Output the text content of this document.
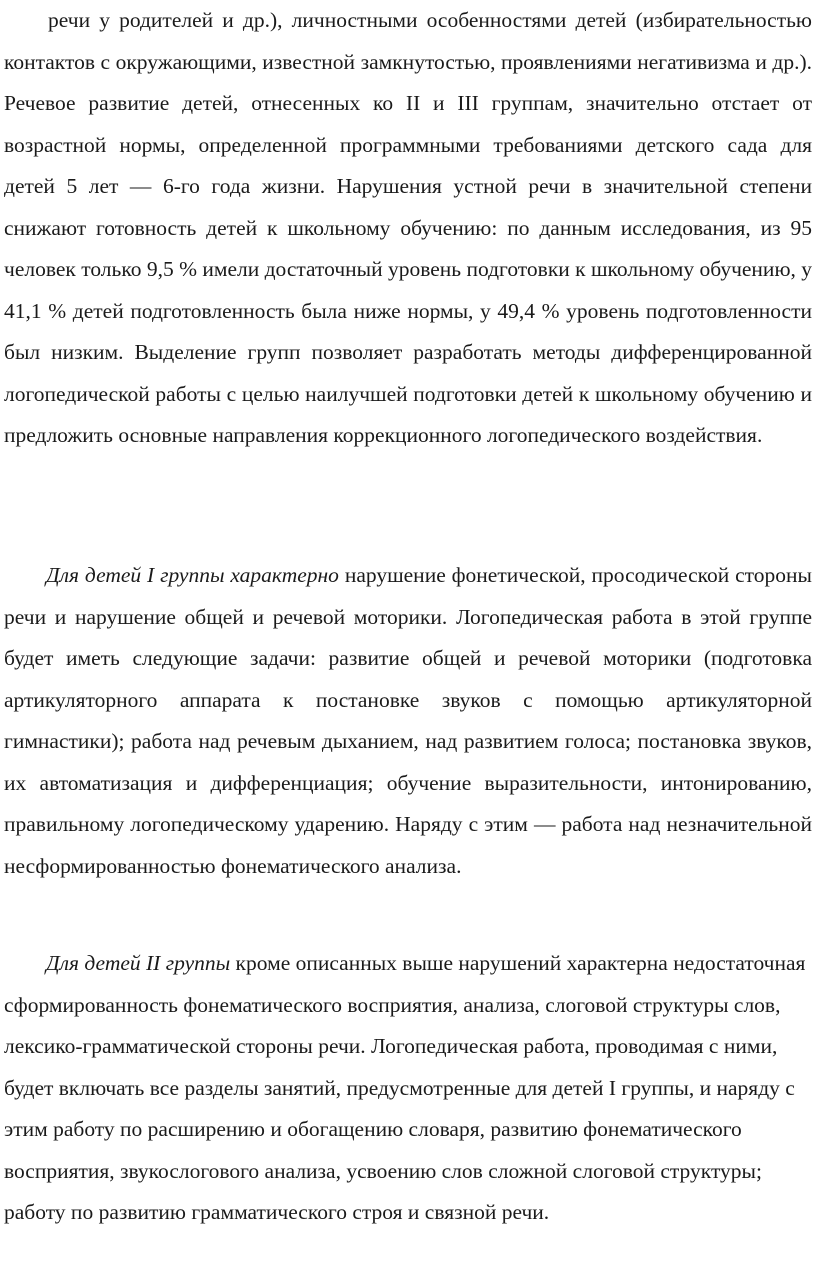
речи у родителей и др.), личностными особенностями детей (избирательностью контактов с окружающими, известной замкнутостью, проявлениями негативизма и др.). Речевое развитие детей, отнесенных ко II и III группам, значительно отстает от возрастной нормы, определенной программными требованиями детского сада для детей 5 лет — 6-го года жизни. Нарушения устной речи в значительной степени снижают готовность детей к школьному обучению: по данным исследования, из 95 человек только 9,5 % имели достаточный уровень подготовки к школьному обучению, у 41,1 % детей подготовленность была ниже нормы, у 49,4 % уровень подготовленности был низким. Выделение групп позволяет разработать методы дифференцированной логопедической работы с целью наилучшей подготовки детей к школьному обучению и предложить основные направления коррекционного логопедического воздействия.

Для детей I группы характерно нарушение фонетической, просодической стороны речи и нарушение общей и речевой моторики. Логопедическая работа в этой группе будет иметь следующие задачи: развитие общей и речевой моторики (подготовка артикуляторного аппарата к постановке звуков с помощью артикуляторной гимнастики); работа над речевым дыханием, над развитием голоса; постановка звуков, их автоматизация и дифференциация; обучение выразительности, интонированию, правильному логопедическому ударению. Наряду с этим — работа над незначительной несформированностью фонематического анализа.

Для детей II группы кроме описанных выше нарушений характерна недостаточная сформированность фонематического восприятия, анализа, слоговой структуры слов, лексико-грамматической стороны речи. Логопедическая работа, проводимая с ними, будет включать все разделы занятий, предусмотренные для детей I группы, и наряду с этим работу по расширению и обогащению словаря, развитию фонематического восприятия, звукослогового анализа, усвоению слов сложной слоговой структуры; работу по развитию грамматического строя и связной речи.
